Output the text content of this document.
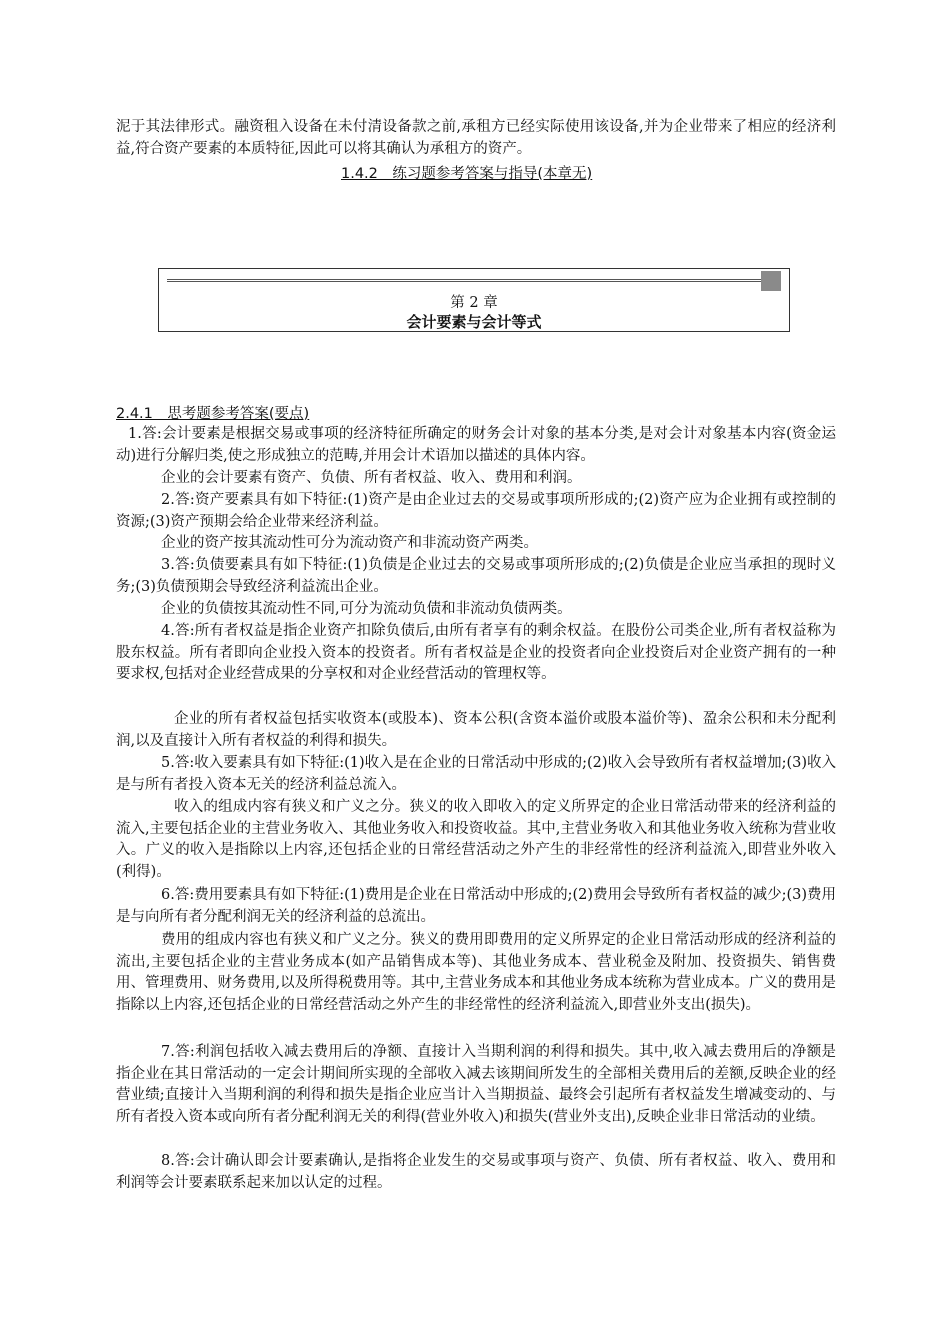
泥于其法律形式。融资租入设备在未付清设备款之前,承租方已经实际使用该设备,并为企业带来了相应的经济利益,符合资产要素的本质特征,因此可以将其确认为承租方的资产。

1.4.2　练习题参考答案与指导(本章无)
第 2 章
会计要素与会计等式
2.4.1　思考题参考答案(要点)

1.答:会计要素是根据交易或事项的经济特征所确定的财务会计对象的基本分类,是对会计对象基本内容(资金运动)进行分解归类,使之形成独立的范畴,并用会计术语加以描述的具体内容。

企业的会计要素有资产、负债、所有者权益、收入、费用和利润。

2.答:资产要素具有如下特征:(1)资产是由企业过去的交易或事项所形成的;(2)资产应为企业拥有或控制的资源;(3)资产预期会给企业带来经济利益。

企业的资产按其流动性可分为流动资产和非流动资产两类。

3.答:负债要素具有如下特征:(1)负债是企业过去的交易或事项所形成的;(2)负债是企业应当承担的现时义务;(3)负债预期会导致经济利益流出企业。

企业的负债按其流动性不同,可分为流动负债和非流动负债两类。

4.答:所有者权益是指企业资产扣除负债后,由所有者享有的剩余权益。在股份公司类企业,所有者权益称为股东权益。所有者即向企业投入资本的投资者。所有者权益是企业的投资者向企业投资后对企业资产拥有的一种要求权,包括对企业经营成果的分享权和对企业经营活动的管理权等。

企业的所有者权益包括实收资本(或股本)、资本公积(含资本溢价或股本溢价等)、盈余公积和未分配利润,以及直接计入所有者权益的利得和损失。

5.答:收入要素具有如下特征:(1)收入是在企业的日常活动中形成的;(2)收入会导致所有者权益增加;(3)收入是与所有者投入资本无关的经济利益总流入。

收入的组成内容有狭义和广义之分。狭义的收入即收入的定义所界定的企业日常活动带来的经济利益的流入,主要包括企业的主营业务收入、其他业务收入和投资收益。其中,主营业务收入和其他业务收入统称为营业收入。广义的收入是指除以上内容,还包括企业的日常经营活动之外产生的非经常性的经济利益流入,即营业外收入(利得)。

6.答:费用要素具有如下特征:(1)费用是企业在日常活动中形成的;(2)费用会导致所有者权益的减少;(3)费用是与向所有者分配利润无关的经济利益的总流出。

费用的组成内容也有狭义和广义之分。狭义的费用即费用的定义所界定的企业日常活动形成的经济利益的流出,主要包括企业的主营业务成本(如产品销售成本等)、其他业务成本、营业税金及附加、投资损失、销售费用、管理费用、财务费用,以及所得税费用等。其中,主营业务成本和其他业务成本统称为营业成本。广义的费用是指除以上内容,还包括企业的日常经营活动之外产生的非经常性的经济利益流入,即营业外支出(损失)。

7.答:利润包括收入减去费用后的净额、直接计入当期利润的利得和损失。其中,收入减去费用后的净额是指企业在其日常活动的一定会计期间所实现的全部收入减去该期间所发生的全部相关费用后的差额,反映企业的经营业绩;直接计入当期利润的利得和损失是指企业应当计入当期损益、最终会引起所有者权益发生增减变动的、与所有者投入资本或向所有者分配利润无关的利得(营业外收入)和损失(营业外支出),反映企业非日常活动的业绩。

8.答:会计确认即会计要素确认,是指将企业发生的交易或事项与资产、负债、所有者权益、收入、费用和利润等会计要素联系起来加以认定的过程。
